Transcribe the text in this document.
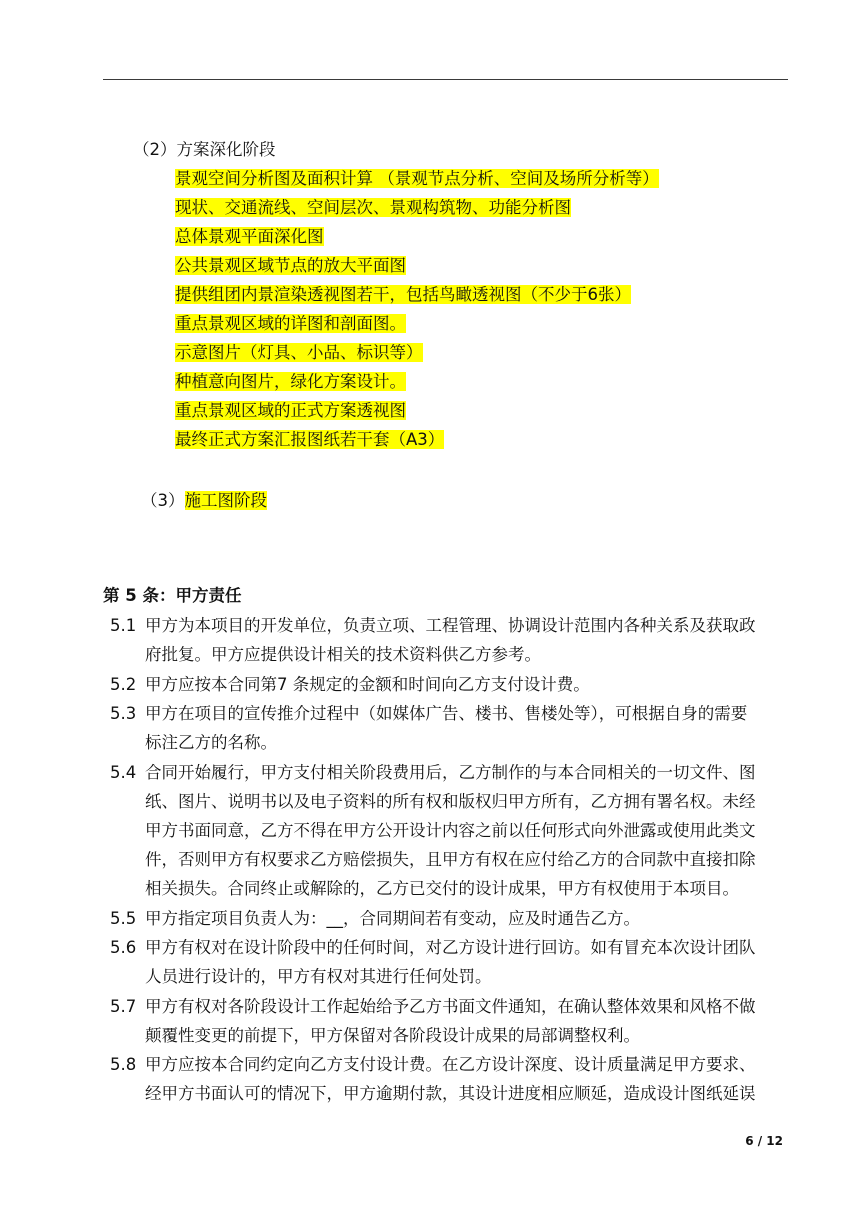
（2）方案深化阶段
景观空间分析图及面积计算 （景观节点分析、空间及场所分析等）
现状、交通流线、空间层次、景观构筑物、功能分析图
总体景观平面深化图
公共景观区域节点的放大平面图
提供组团内景渲染透视图若干，包括鸟瞰透视图（不少于6张）
重点景观区域的详图和剖面图。
示意图片（灯具、小品、标识等）
种植意向图片，绿化方案设计。
重点景观区域的正式方案透视图
最终正式方案汇报图纸若干套（A3）
（3）施工图阶段
第 5 条：甲方责任
5.1 甲方为本项目的开发单位，负责立项、工程管理、协调设计范围内各种关系及获取政
府批复。甲方应提供设计相关的技术资料供乙方参考。
5.2 甲方应按本合同第7 条规定的金额和时间向乙方支付设计费。
5.3 甲方在项目的宣传推介过程中（如媒体广告、楼书、售楼处等），可根据自身的需要
标注乙方的名称。
5.4 合同开始履行，甲方支付相关阶段费用后，乙方制作的与本合同相关的一切文件、图
纸、图片、说明书以及电子资料的所有权和版权归甲方所有，乙方拥有署名权。未经
甲方书面同意，乙方不得在甲方公开设计内容之前以任何形式向外泄露或使用此类文
件，否则甲方有权要求乙方赔偿损失，且甲方有权在应付给乙方的合同款中直接扣除
相关损失。合同终止或解除的，乙方已交付的设计成果，甲方有权使用于本项目。
5.5 甲方指定项目负责人为：__，合同期间若有变动，应及时通告乙方。
5.6 甲方有权对在设计阶段中的任何时间，对乙方设计进行回访。如有冒充本次设计团队
人员进行设计的，甲方有权对其进行任何处罚。
5.7 甲方有权对各阶段设计工作起始给予乙方书面文件通知，在确认整体效果和风格不做
颠覆性变更的前提下，甲方保留对各阶段设计成果的局部调整权利。
5.8 甲方应按本合同约定向乙方支付设计费。在乙方设计深度、设计质量满足甲方要求、
经甲方书面认可的情况下，甲方逾期付款，其设计进度相应顺延，造成设计图纸延误
6 / 12
